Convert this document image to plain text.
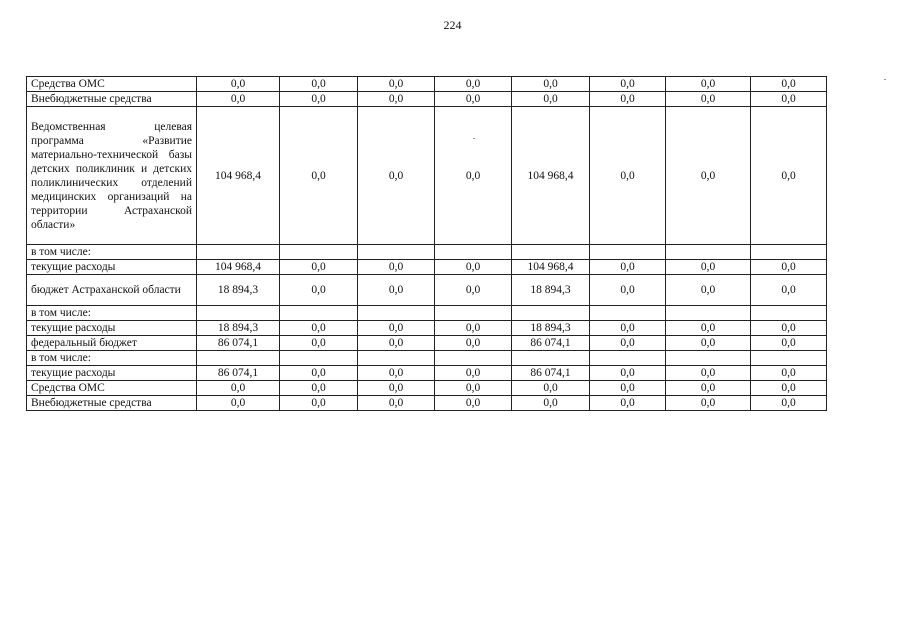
224
Средства ОМС	0,0	0,0	0,0	0,0	0,0	0,0	0,0	0,0
Внебюджетные средства	0,0	0,0	0,0	0,0	0,0	0,0	0,0	0,0
Ведомственная целевая программа «Развитие материально-технической базы детских поликлиник и детских поликлинических отделений медицинских организаций на территории Астраханской области»	104 968,4	0,0	0,0	0,0	104 968,4	0,0	0,0	0,0
в том числе:								
текущие расходы	104 968,4	0,0	0,0	0,0	104 968,4	0,0	0,0	0,0
бюджет Астраханской области	18 894,3	0,0	0,0	0,0	18 894,3	0,0	0,0	0,0
в том числе:								
текущие расходы	18 894,3	0,0	0,0	0,0	18 894,3	0,0	0,0	0,0
федеральный бюджет	86 074,1	0,0	0,0	0,0	86 074,1	0,0	0,0	0,0
в том числе:								
текущие расходы	86 074,1	0,0	0,0	0,0	86 074,1	0,0	0,0	0,0
Средства ОМС	0,0	0,0	0,0	0,0	0,0	0,0	0,0	0,0
Внебюджетные средства	0,0	0,0	0,0	0,0	0,0	0,0	0,0	0,0
